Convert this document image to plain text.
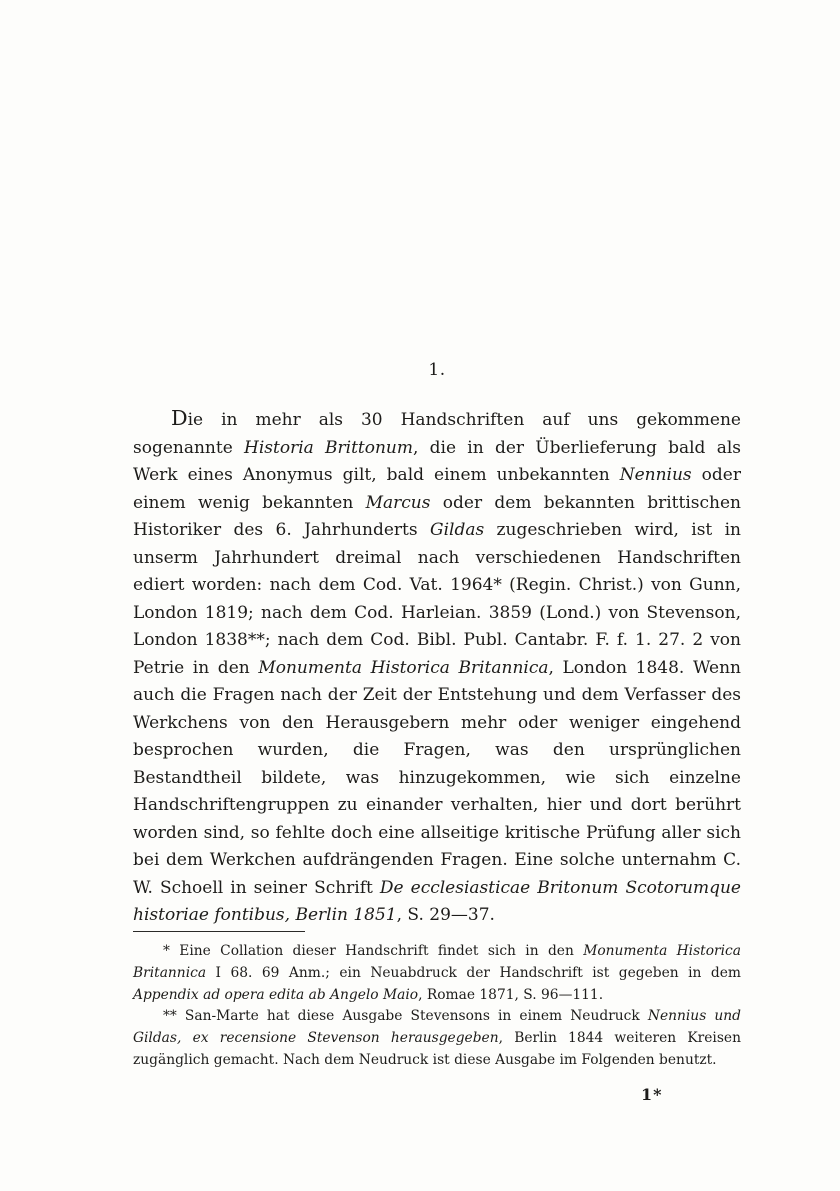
1.

Die in mehr als 30 Handschriften auf uns gekommene sogenannte Historia Brittonum, die in der Überlieferung bald als Werk eines Anonymus gilt, bald einem unbekannten Nennius oder einem wenig bekannten Marcus oder dem bekannten brittischen Historiker des 6. Jahrhunderts Gildas zugeschrieben wird, ist in unserm Jahrhundert dreimal nach verschiedenen Handschriften ediert worden: nach dem Cod. Vat. 1964* (Regin. Christ.) von Gunn, London 1819; nach dem Cod. Harleian. 3859 (Lond.) von Stevenson, London 1838**; nach dem Cod. Bibl. Publ. Cantabr. F. f. 1. 27. 2 von Petrie in den Monumenta Historica Britannica, London 1848. Wenn auch die Fragen nach der Zeit der Entstehung und dem Verfasser des Werkchens von den Herausgebern mehr oder weniger eingehend besprochen wurden, die Fragen, was den ursprünglichen Bestandtheil bildete, was hinzugekommen, wie sich einzelne Handschriftengruppen zu einander verhalten, hier und dort berührt worden sind, so fehlte doch eine allseitige kritische Prüfung aller sich bei dem Werkchen aufdrängenden Fragen. Eine solche unternahm C. W. Schoell in seiner Schrift De ecclesiasticae Britonum Scotorumque historiae fontibus, Berlin 1851, S. 29—37.

* Eine Collation dieser Handschrift findet sich in den Monumenta Historica Britannica I 68. 69 Anm.; ein Neuabdruck der Handschrift ist gegeben in dem Appendix ad opera edita ab Angelo Maio, Romae 1871, S. 96—111.

** San-Marte hat diese Ausgabe Stevensons in einem Neudruck Nennius und Gildas, ex recensione Stevenson herausgegeben, Berlin 1844 weiteren Kreisen zugänglich gemacht. Nach dem Neudruck ist diese Ausgabe im Folgenden benutzt.

1*
